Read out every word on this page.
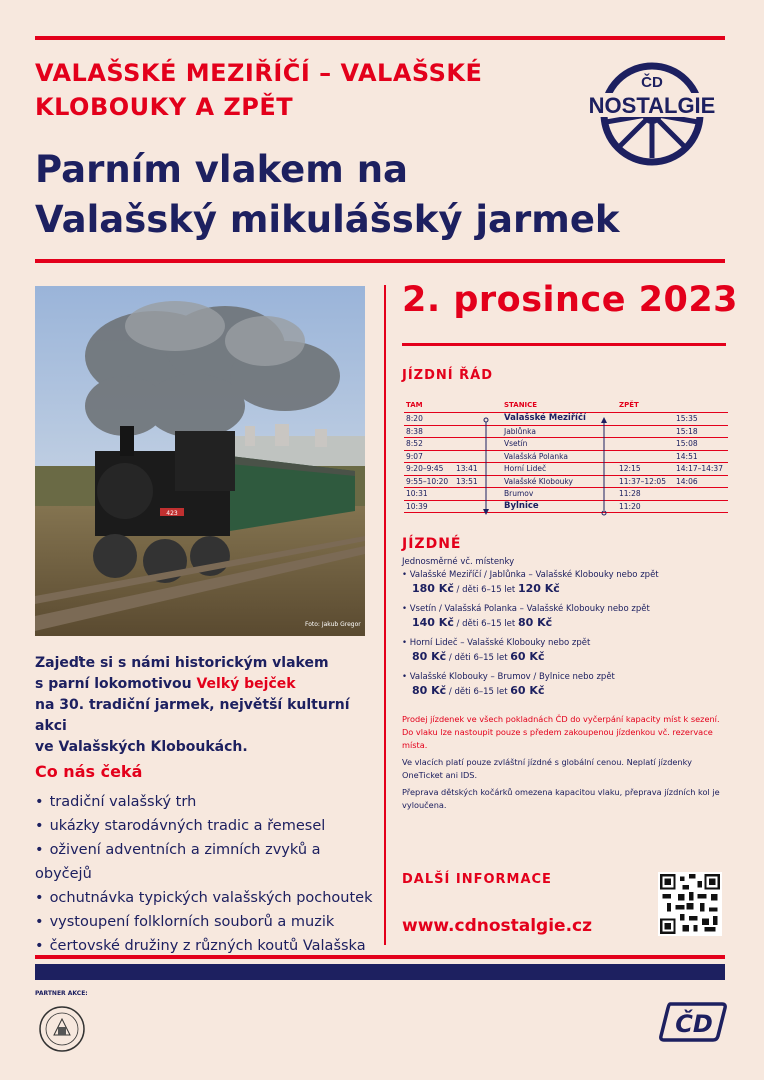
VALAŠSKÉ MEZIŘÍČÍ – VALAŠSKÉ
KLOBOUKY A ZPĚT
ČD
NOSTALGIE
Parním vlakem na
Valašský mikulášský jarmek
423
Foto: Jakub Gregor
2. prosince 2023
JÍZDNÍ ŘÁD
TAM	STANICE	ZPĚT
8:20	Valašské Meziříčí	15:35
8:38	Jablůnka	15:18
8:52	Vsetín	15:08
9:07	Valašská Polanka	14:51
9:20–9:45	13:41	Horní Lideč	12:15	14:17–14:37
9:55–10:20	13:51	Valašské Klobouky	11:37–12:05	14:06
10:31	Brumov	11:28
10:39	Bylnice	11:20
JÍZDNÉ
Jednosměrné vč. místenky
• Valašské Meziříčí / Jablůnka – Valašské Klobouky nebo zpět
180 Kč / děti 6–15 let 120 Kč
• Vsetín / Valašská Polanka – Valašské Klobouky nebo zpět
140 Kč / děti 6–15 let 80 Kč
• Horní Lideč – Valašské Klobouky nebo zpět
80 Kč / děti 6–15 let 60 Kč
• Valašské Klobouky – Brumov / Bylnice nebo zpět
80 Kč / děti 6–15 let 60 Kč
Prodej jízdenek ve všech pokladnách ČD do vyčerpání kapacity míst k sezení. Do vlaku lze nastoupit pouze s předem zakoupenou jízdenkou vč. rezervace místa.
Ve vlacích platí pouze zvláštní jízdné s globální cenou. Neplatí jízdenky OneTicket ani IDS.
Přeprava dětských kočárků omezena kapacitou vlaku, přeprava jízdních kol je vyloučena.
Zajeďte si s námi historickým vlakem
s parní lokomotivou Velký bejček
na 30. tradiční jarmek, největší kulturní akci
ve Valašských Kloboukách.
Co nás čeká
• tradiční valašský trh
• ukázky starodávných tradic a řemesel
• oživení adventních a zimních zvyků a obyčejů
• ochutnávka typických valašských pochoutek
• vystoupení folklorních souborů a muzik
• čertovské družiny z různých koutů Valašska
DALŠÍ INFORMACE
www.cdnostalgie.cz
PARTNER AKCE:
ČD
